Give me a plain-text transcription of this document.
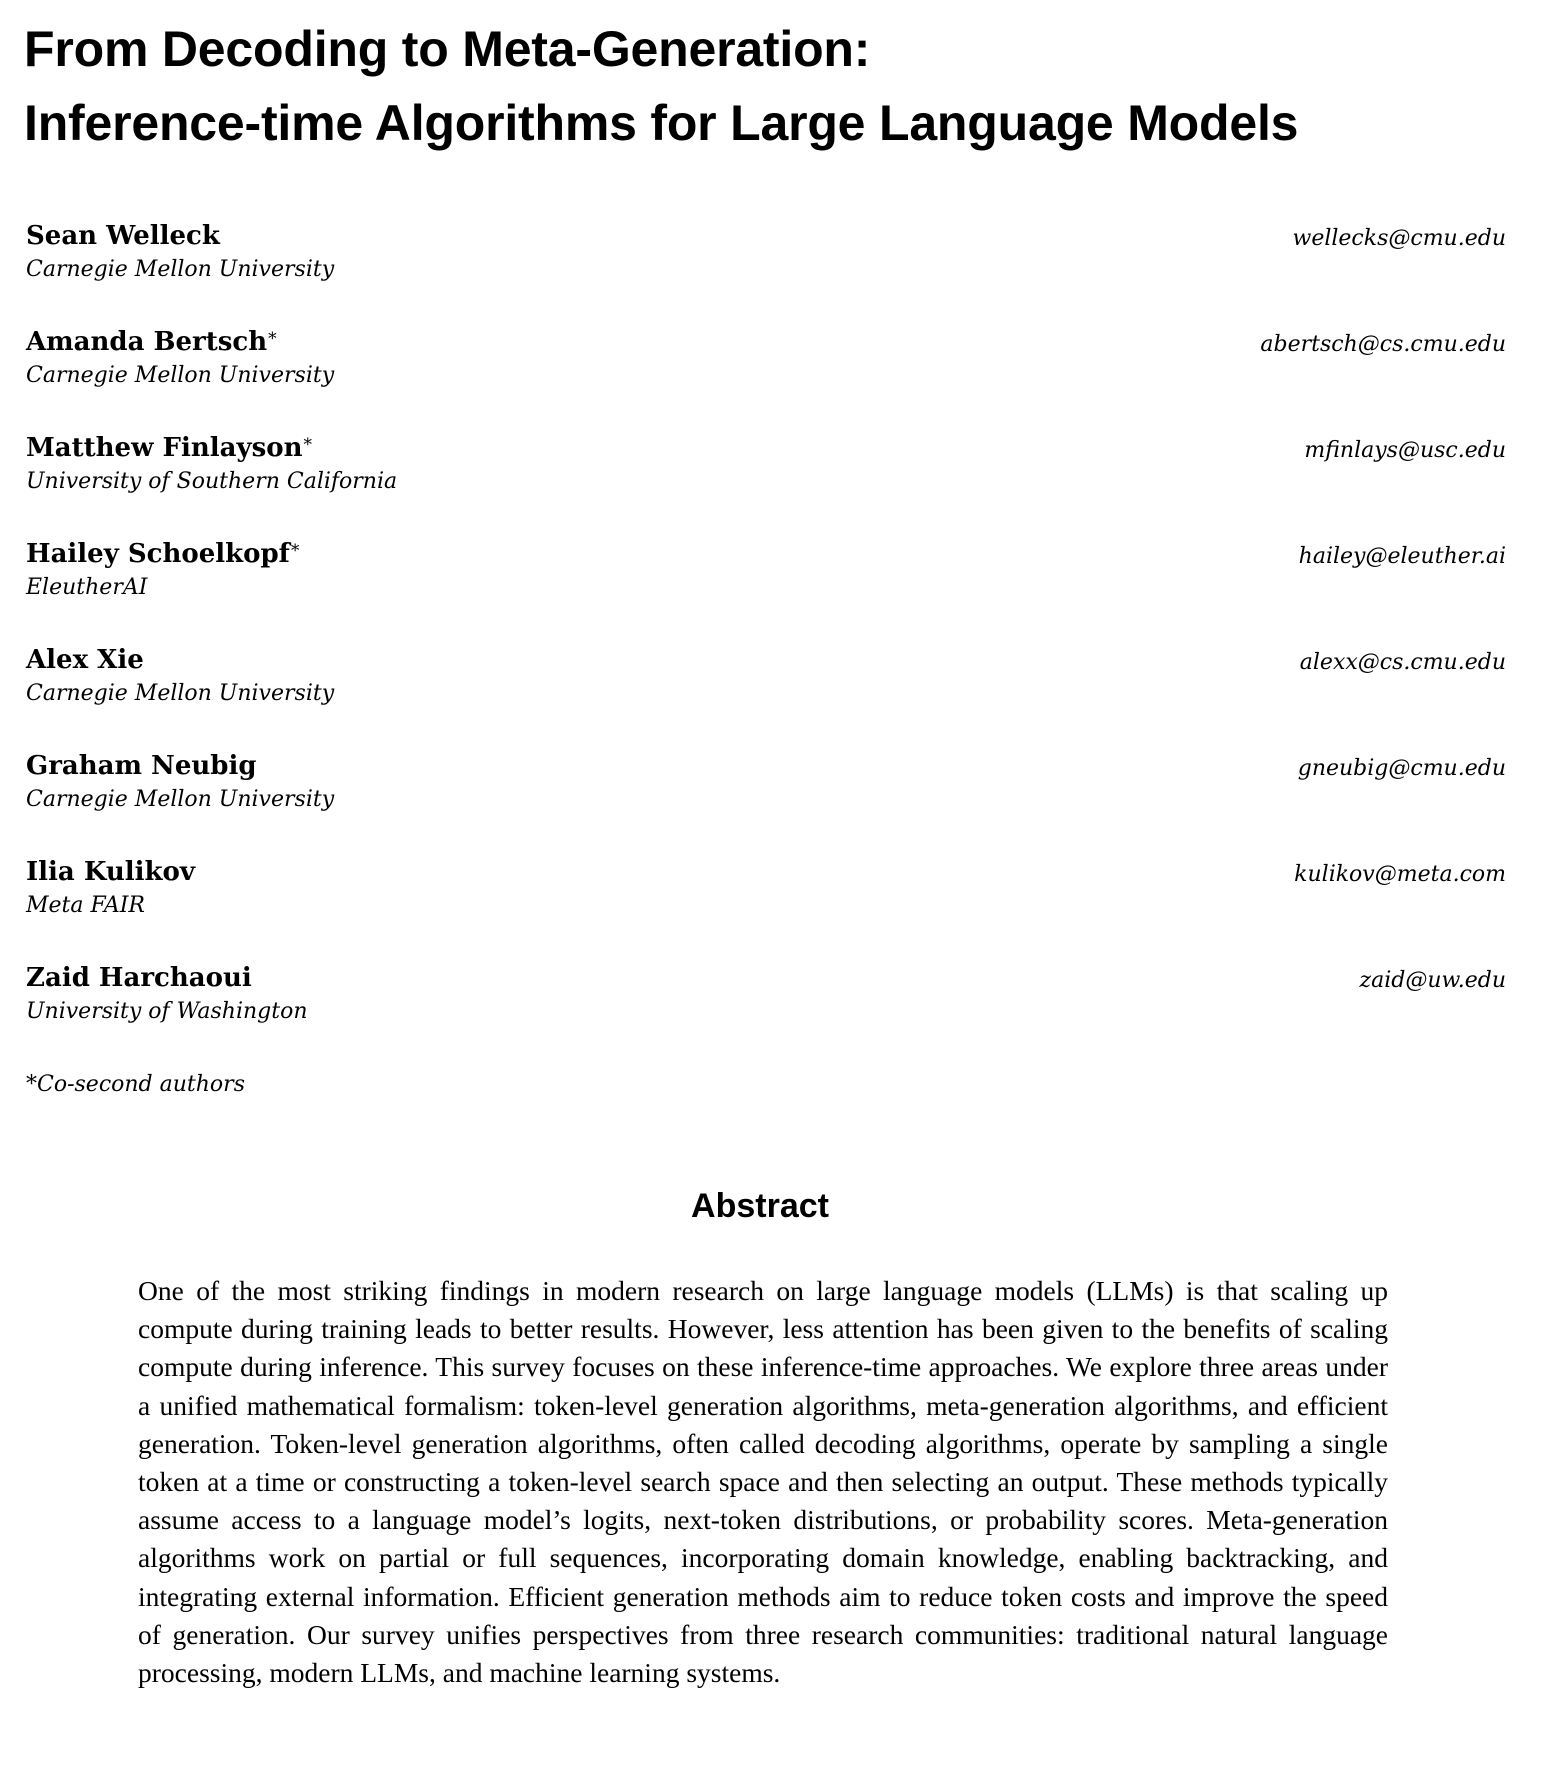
From Decoding to Meta-Generation:
Inference-time Algorithms for Large Language Models
Sean Welleck	wellecks@cmu.edu
Carnegie Mellon University
Amanda Bertsch*	abertsch@cs.cmu.edu
Carnegie Mellon University
Matthew Finlayson*	mfinlays@usc.edu
University of Southern California
Hailey Schoelkopf*	hailey@eleuther.ai
EleutherAI
Alex Xie	alexx@cs.cmu.edu
Carnegie Mellon University
Graham Neubig	gneubig@cmu.edu
Carnegie Mellon University
Ilia Kulikov	kulikov@meta.com
Meta FAIR
Zaid Harchaoui	zaid@uw.edu
University of Washington
*Co-second authors
Abstract

One of the most striking findings in modern research on large language models (LLMs) is that scaling up compute during training leads to better results. However, less attention has been given to the benefits of scaling compute during inference. This survey focuses on these inference-time approaches. We explore three areas under a unified mathematical formalism: token-level generation algorithms, meta-generation algorithms, and efficient generation. Token-level generation algorithms, often called decoding algorithms, operate by sampling a single token at a time or constructing a token-level search space and then selecting an output. These methods typically assume access to a language model’s logits, next-token distributions, or probability scores. Meta-generation algorithms work on partial or full sequences, incorporating domain knowledge, enabling backtracking, and integrating external information. Efficient generation methods aim to reduce token costs and improve the speed of generation. Our survey unifies perspectives from three research communities: traditional natural language processing, modern LLMs, and machine learning systems.
